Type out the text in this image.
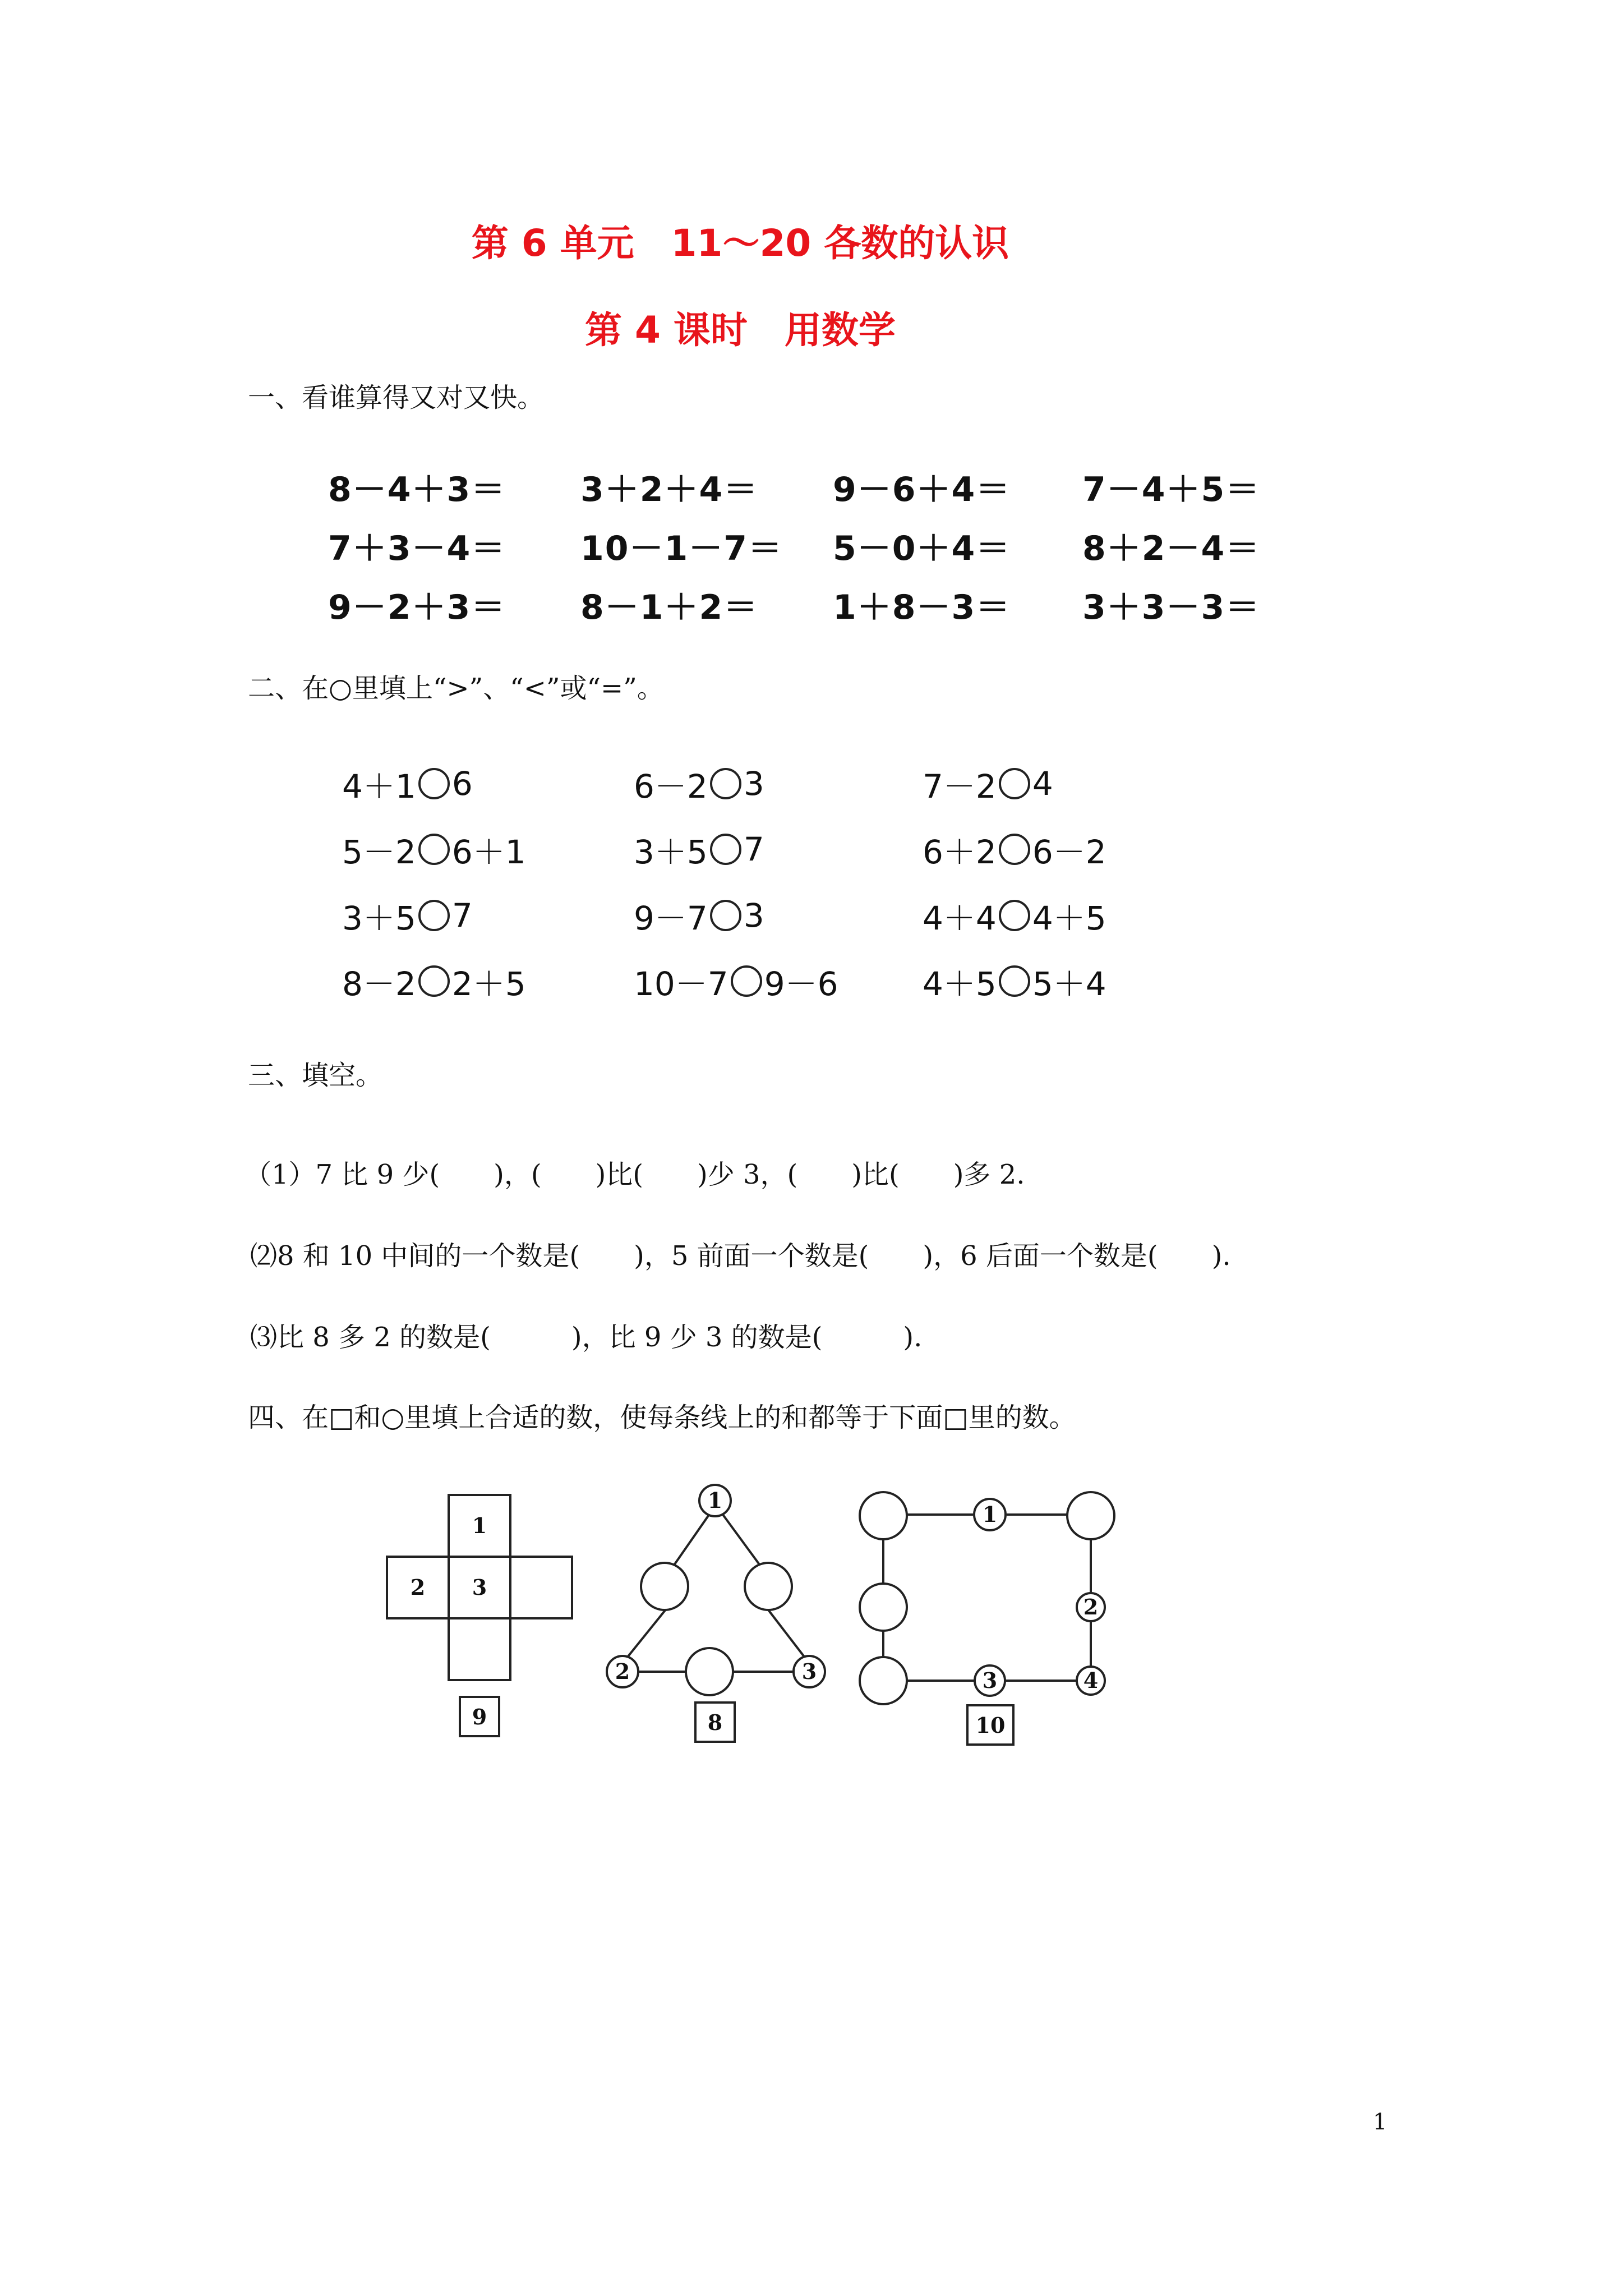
第 6 单元　11～20 各数的认识
第 4 课时　用数学
一、看谁算得又对又快。
8－4＋3＝ 3＋2＋4＝ 9－6＋4＝ 7－4＋5＝
7＋3－4＝ 10－1－7＝ 5－0＋4＝ 8＋2－4＝
9－2＋3＝ 8－1＋2＝ 1＋8－3＝ 3＋3－3＝
二、在○里填上“>”、“<”或“=”。
4＋1 6	6－2 3	7－2 4
5－2 6＋1	3＋5 7	6＋2 6－2
3＋5 7	9－7 3	4＋4 4＋5
8－2 2＋5	10－7 9－6	4＋5 5＋4
三、填空。
（1）7 比 9 少(　　)，(　　)比(　　)少 3，(　　)比(　　)多 2.
⑵8 和 10 中间的一个数是(　　)，5 前面一个数是(　　)，6 后面一个数是(　　).
⑶比 8 多 2 的数是(　　　)，比 9 少 3 的数是(　　　).
四、在□和○里填上合适的数，使每条线上的和都等于下面□里的数。
1
2 3
9
1
2	3
8
1
2
3	4
10
1
